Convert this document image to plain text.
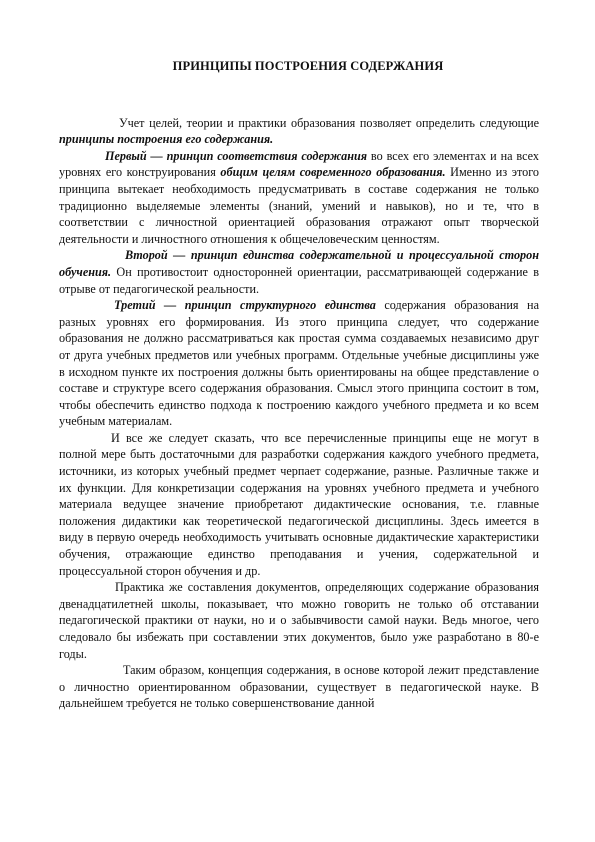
ПРИНЦИПЫ ПОСТРОЕНИЯ СОДЕРЖАНИЯ

Учет целей, теории и практики образования позволяет определить следующие принципы построения его содержания.

Первый — принцип соответствия содержания во всех его элементах и на всех уровнях его конструирования общим целям современного образования. Именно из этого принципа вытекает необходимость предусматривать в составе содержания не только традиционно выделяемые элементы (знаний, умений и навыков), но и те, что в соответствии с личностной ориентацией образования отражают опыт творческой деятельности и личностного отношения к общечеловеческим ценностям.

Второй — принцип единства содержательной и процессуальной сторон обучения. Он противостоит односторонней ориентации, рассматривающей содержание в отрыве от педагогической реальности.

Третий — принцип структурного единства содержания образования на разных уровнях его формирования. Из этого принципа следует, что содержание образования не должно рассматриваться как простая сумма создаваемых независимо друг от друга учебных предметов или учебных программ. Отдельные учебные дисциплины уже в исходном пункте их построения должны быть ориентированы на общее представление о составе и структуре всего содержания образования. Смысл этого принципа состоит в том, чтобы обеспечить единство подхода к построению каждого учебного предмета и ко всем учебным материалам.

И все же следует сказать, что все перечисленные принципы еще не могут в полной мере быть достаточными для разработки содержания каждого учебного предмета, источники, из которых учебный предмет черпает содержание, разные. Различные также и их функции. Для конкретизации содержания на уровнях учебного предмета и учебного материала ведущее значение приобретают дидактические основания, т.е. главные положения дидактики как теоретической педагогической дисциплины. Здесь имеется в виду в первую очередь необходимость учитывать основные дидактические характеристики обучения, отражающие единство преподавания и учения, содержательной и процессуальной сторон обучения и др.

Практика же составления документов, определяющих содержание образования двенадцатилетней школы, показывает, что можно говорить не только об отставании педагогической практики от науки, но и о забывчивости самой науки. Ведь многое, чего следовало бы избежать при составлении этих документов, было уже разработано в 80-е годы.

Таким образом, концепция содержания, в основе которой лежит представление о личностно ориентированном образовании, существует в педагогической науке. В дальнейшем требуется не только совершенствование данной
